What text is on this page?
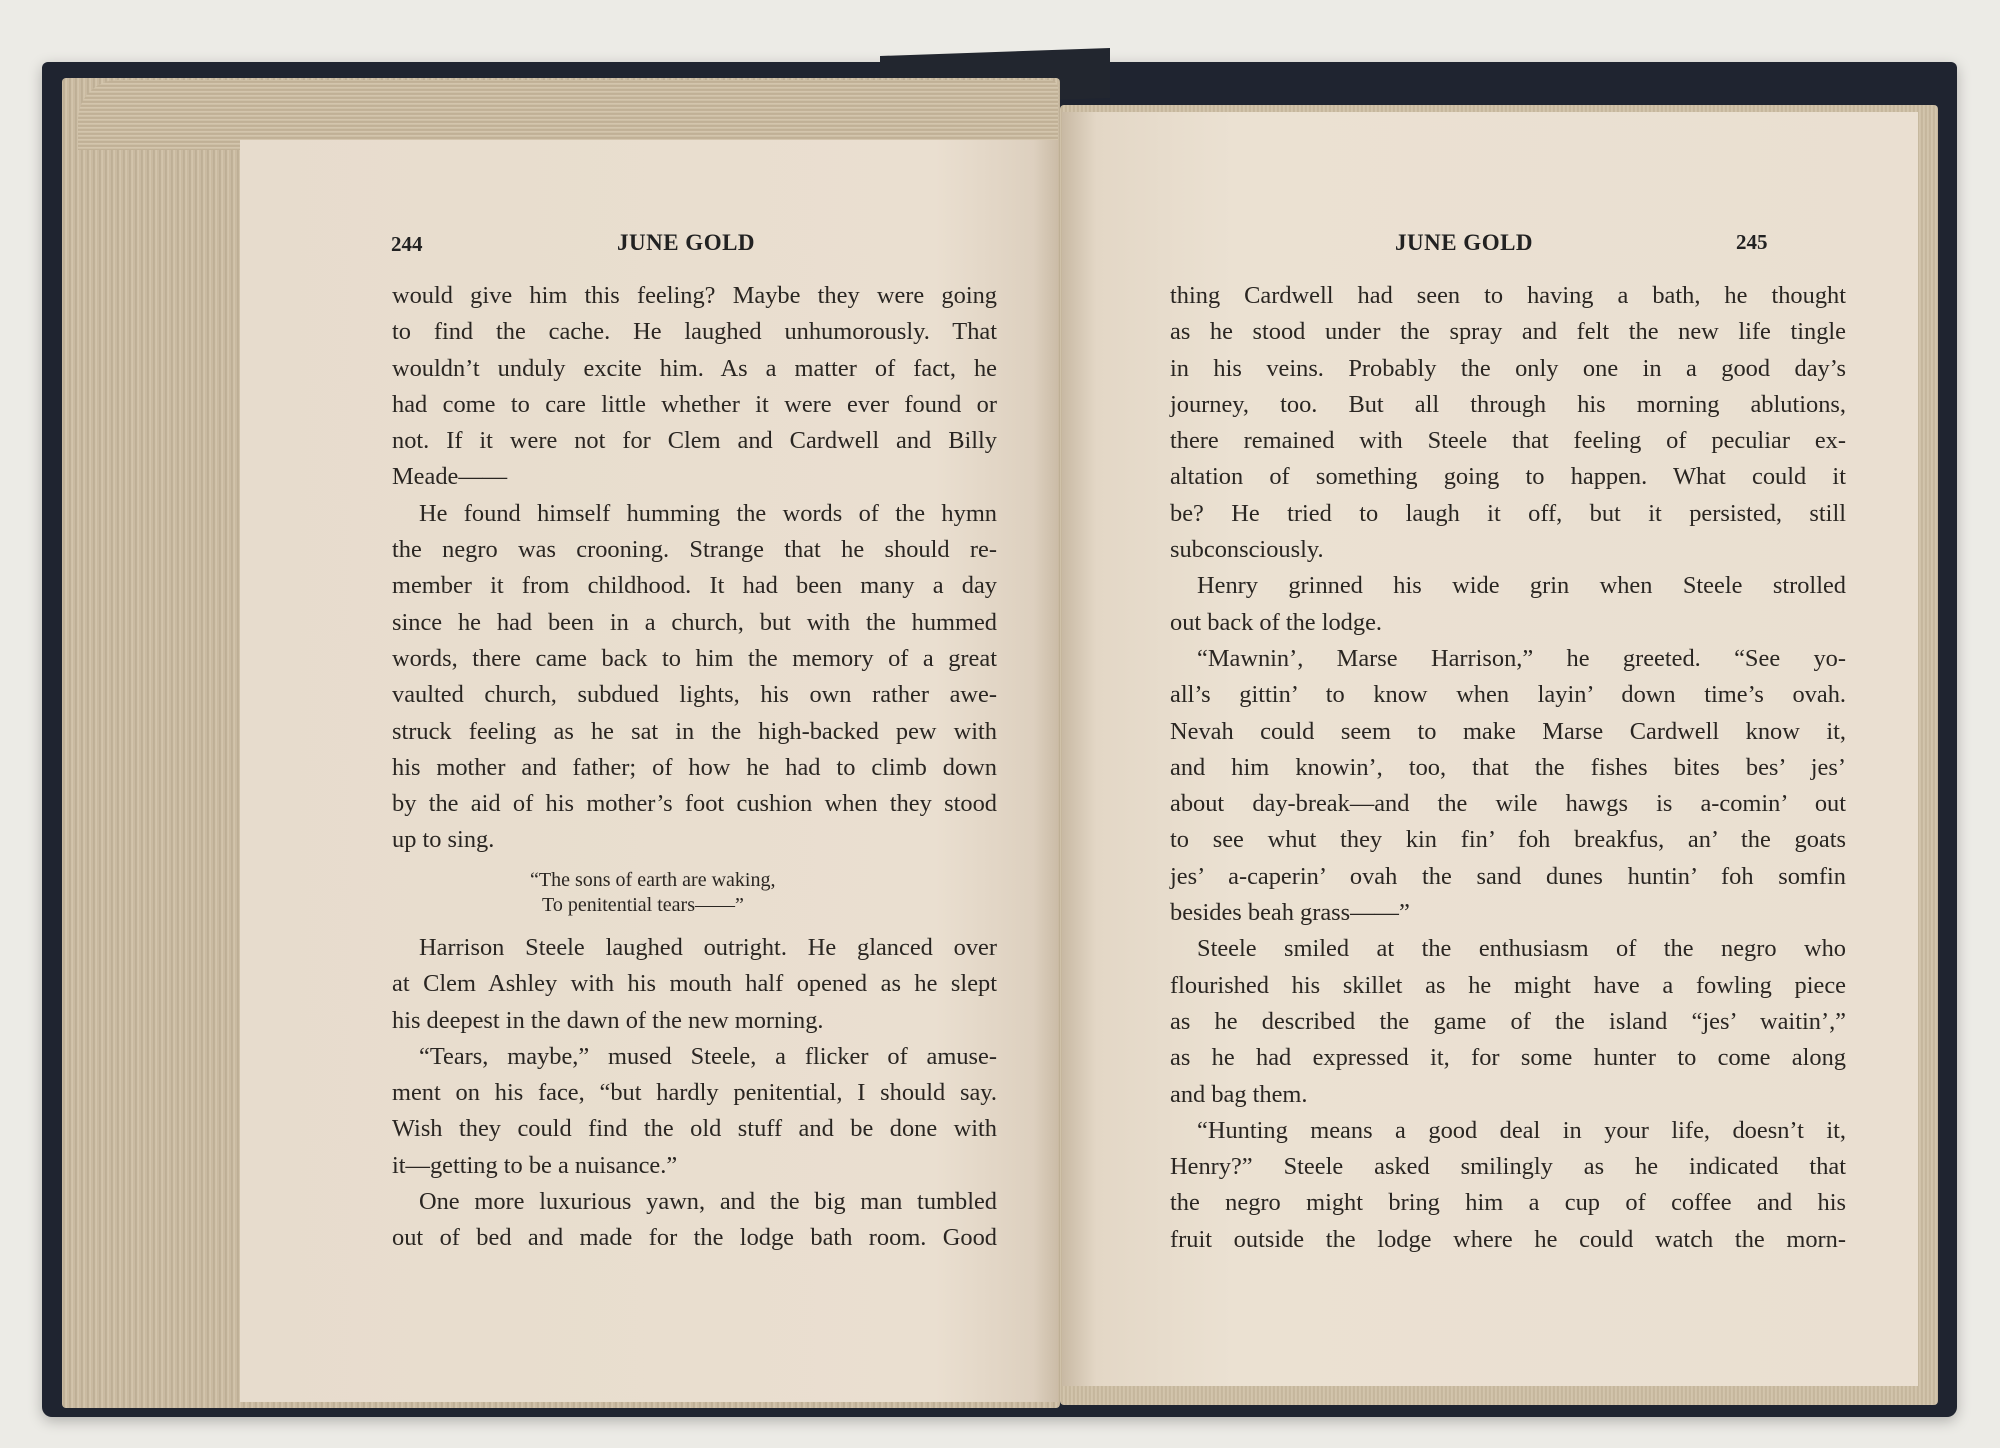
244	JUNE GOLD

would give him this feeling? Maybe they were going

to find the cache. He laughed unhumorously. That

wouldn’t unduly excite him. As a matter of fact, he

had come to care little whether it were ever found or

not. If it were not for Clem and Cardwell and Billy

Meade——

He found himself humming the words of the hymn

the negro was crooning. Strange that he should re-

member it from childhood. It had been many a day

since he had been in a church, but with the hummed

words, there came back to him the memory of a great

vaulted church, subdued lights, his own rather awe-

struck feeling as he sat in the high-backed pew with

his mother and father; of how he had to climb down

by the aid of his mother’s foot cushion when they stood

up to sing.

“The sons of earth are waking,
To penitential tears——”

Harrison Steele laughed outright. He glanced over

at Clem Ashley with his mouth half opened as he slept

his deepest in the dawn of the new morning.

“Tears, maybe,” mused Steele, a flicker of amuse-

ment on his face, “but hardly penitential, I should say.

Wish they could find the old stuff and be done with

it—getting to be a nuisance.”

One more luxurious yawn, and the big man tumbled

out of bed and made for the lodge bath room. Good

JUNE GOLD	245

thing Cardwell had seen to having a bath, he thought

as he stood under the spray and felt the new life tingle

in his veins. Probably the only one in a good day’s

journey, too. But all through his morning ablutions,

there remained with Steele that feeling of peculiar ex-

altation of something going to happen. What could it

be? He tried to laugh it off, but it persisted, still

subconsciously.

Henry grinned his wide grin when Steele strolled

out back of the lodge.

“Mawnin’, Marse Harrison,” he greeted. “See yo-

all’s gittin’ to know when layin’ down time’s ovah.

Nevah could seem to make Marse Cardwell know it,

and him knowin’, too, that the fishes bites bes’ jes’

about day-break—and the wile hawgs is a-comin’ out

to see whut they kin fin’ foh breakfus, an’ the goats

jes’ a-caperin’ ovah the sand dunes huntin’ foh somfin

besides beah grass——”

Steele smiled at the enthusiasm of the negro who

flourished his skillet as he might have a fowling piece

as he described the game of the island “jes’ waitin’,”

as he had expressed it, for some hunter to come along

and bag them.

“Hunting means a good deal in your life, doesn’t it,

Henry?” Steele asked smilingly as he indicated that

the negro might bring him a cup of coffee and his

fruit outside the lodge where he could watch the morn-
